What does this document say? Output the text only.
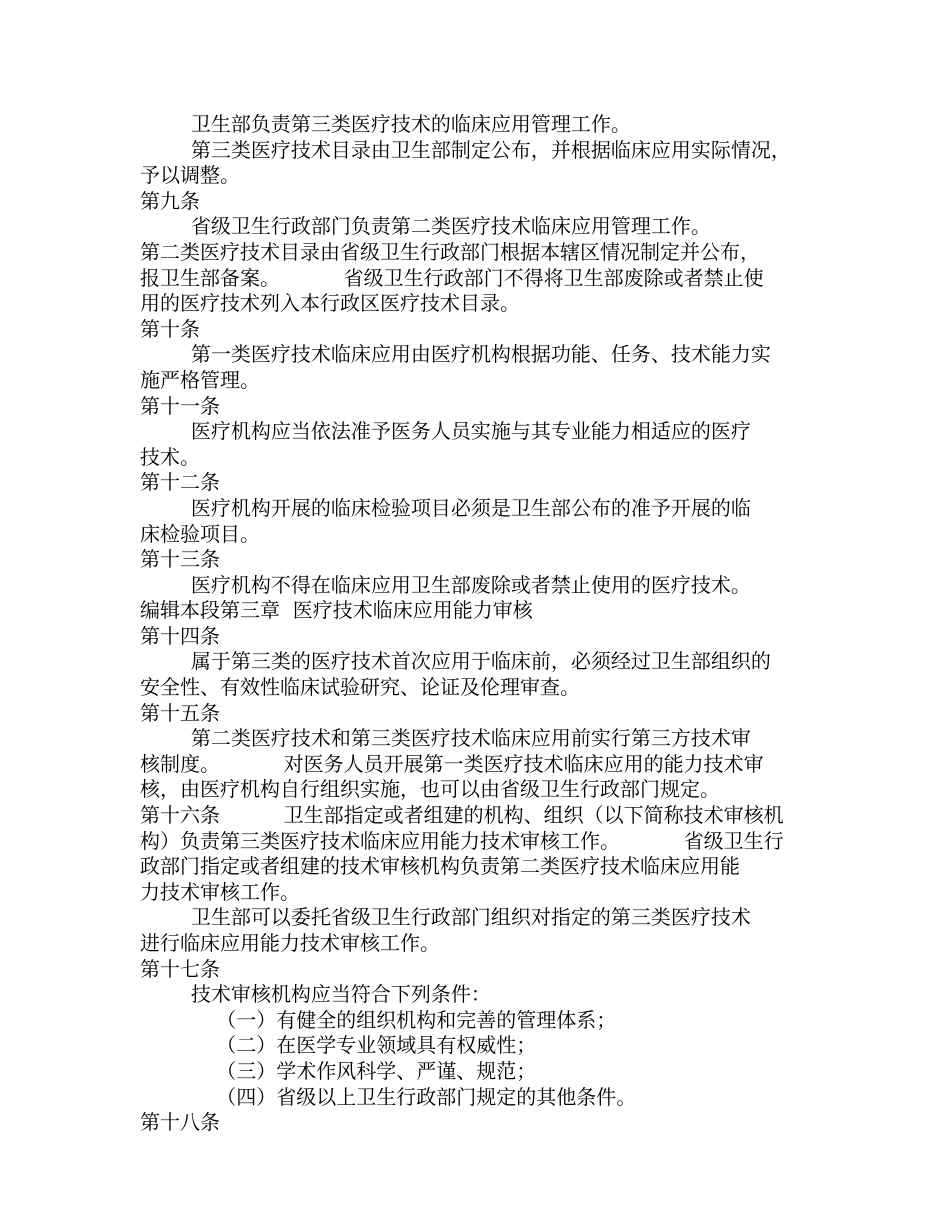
卫生部负责第三类医疗技术的临床应用管理工作。
第三类医疗技术目录由卫生部制定公布，并根据临床应用实际情况，
予以调整。
第九条
省级卫生行政部门负责第二类医疗技术临床应用管理工作。
第二类医疗技术目录由省级卫生行政部门根据本辖区情况制定并公布，
报卫生部备案。          省级卫生行政部门不得将卫生部废除或者禁止使
用的医疗技术列入本行政区医疗技术目录。
第十条
第一类医疗技术临床应用由医疗机构根据功能、任务、技术能力实
施严格管理。
第十一条
医疗机构应当依法准予医务人员实施与其专业能力相适应的医疗
技术。
第十二条
医疗机构开展的临床检验项目必须是卫生部公布的准予开展的临
床检验项目。
第十三条
医疗机构不得在临床应用卫生部废除或者禁止使用的医疗技术。
编辑本段第三章  医疗技术临床应用能力审核
第十四条
属于第三类的医疗技术首次应用于临床前，必须经过卫生部组织的
安全性、有效性临床试验研究、论证及伦理审查。
第十五条
第二类医疗技术和第三类医疗技术临床应用前实行第三方技术审
核制度。          对医务人员开展第一类医疗技术临床应用的能力技术审
核，由医疗机构自行组织实施，也可以由省级卫生行政部门规定。
第十六条          卫生部指定或者组建的机构、组织（以下简称技术审核机
构）负责第三类医疗技术临床应用能力技术审核工作。          省级卫生行
政部门指定或者组建的技术审核机构负责第二类医疗技术临床应用能
力技术审核工作。
卫生部可以委托省级卫生行政部门组织对指定的第三类医疗技术
进行临床应用能力技术审核工作。
第十七条
技术审核机构应当符合下列条件：
（一）有健全的组织机构和完善的管理体系；
（二）在医学专业领域具有权威性；
（三）学术作风科学、严谨、规范；
（四）省级以上卫生行政部门规定的其他条件。
第十八条
